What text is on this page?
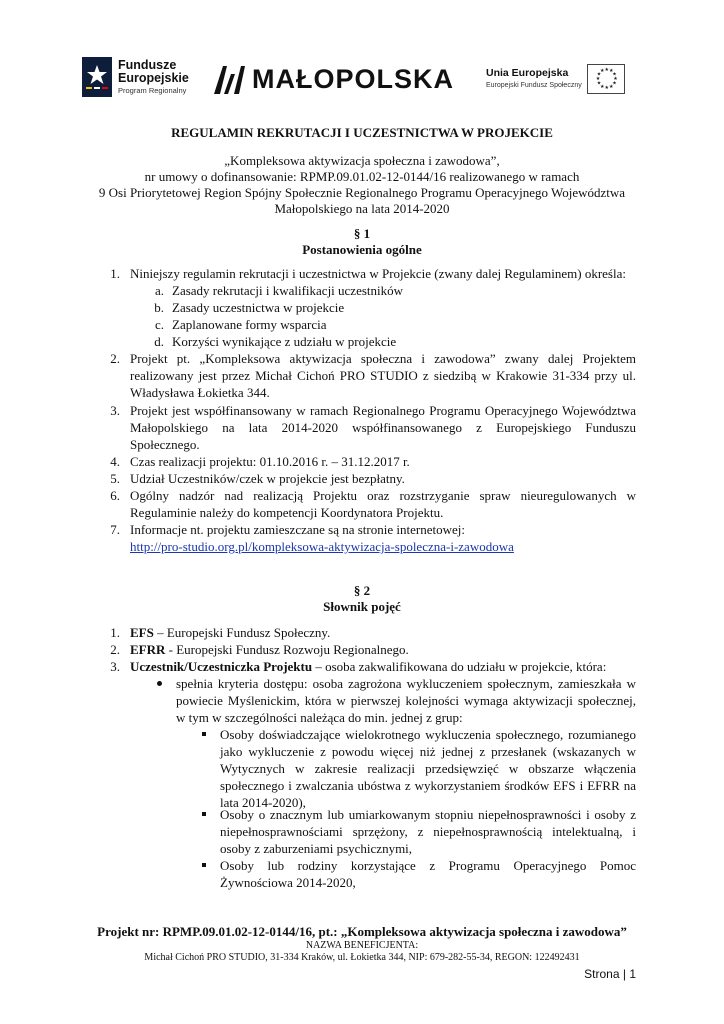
Fundusze
Europejskie
Program Regionalny MAŁOPOLSKA	Unia Europejska
Europejski Fundusz Społeczny
★ ★
★
★
★
★
★
★
★
★
★
★
REGULAMIN REKRUTACJI I UCZESTNICTWA W PROJEKCIE
„Kompleksowa aktywizacja społeczna i zawodowa”,
nr umowy o dofinansowanie: RPMP.09.01.02-12-0144/16 realizowanego w ramach
9 Osi Priorytetowej Region Spójny Społecznie Regionalnego Programu Operacyjnego Województwa
Małopolskiego na lata 2014-2020
§ 1
Postanowienia ogólne
1. Niniejszy regulamin rekrutacji i uczestnictwa w Projekcie (zwany dalej Regulaminem) określa:
a. Zasady rekrutacji i kwalifikacji uczestników
b. Zasady uczestnictwa w projekcie
c. Zaplanowane formy wsparcia
d. Korzyści wynikające z udziału w projekcie
2. Projekt pt. „Kompleksowa aktywizacja społeczna i zawodowa” zwany dalej Projektem
realizowany jest przez Michał Cichoń PRO STUDIO z siedzibą w Krakowie 31-334 przy ul.
Władysława Łokietka 344.
3. Projekt jest współfinansowany w ramach Regionalnego Programu Operacyjnego Województwa
Małopolskiego na lata 2014-2020 współfinansowanego z Europejskiego Funduszu
Społecznego.
4. Czas realizacji projektu: 01.10.2016 r. – 31.12.2017 r.
5. Udział Uczestników/czek w projekcie jest bezpłatny.
6. Ogólny nadzór nad realizacją Projektu oraz rozstrzyganie spraw nieuregulowanych w
Regulaminie należy do kompetencji Koordynatora Projektu.
7. Informacje nt. projektu zamieszczane są na stronie internetowej:
http://pro-studio.org.pl/kompleksowa-aktywizacja-spoleczna-i-zawodowa
§ 2
Słownik pojęć
1. EFS – Europejski Fundusz Społeczny.
2. EFRR - Europejski Fundusz Rozwoju Regionalnego.
3. Uczestnik/Uczestniczka Projektu – osoba zakwalifikowana do udziału w projekcie, która:
spełnia kryteria dostępu: osoba zagrożona wykluczeniem społecznym, zamieszkała w
powiecie Myślenickim, która w pierwszej kolejności wymaga aktywizacji społecznej,
w tym w szczególności należąca do min. jednej z grup:
Osoby doświadczające wielokrotnego wykluczenia społecznego, rozumianego
jako wykluczenie z powodu więcej niż jednej z przesłanek (wskazanych w
Wytycznych w zakresie realizacji przedsięwzięć w obszarze włączenia
społecznego i zwalczania ubóstwa z wykorzystaniem środków EFS i EFRR na
lata 2014-2020),
Osoby o znacznym lub umiarkowanym stopniu niepełnosprawności i osoby z
niepełnosprawnościami sprzężony, z niepełnosprawnością intelektualną, i
osoby z zaburzeniami psychicznymi,
Osoby lub rodziny korzystające z Programu Operacyjnego Pomoc
Żywnościowa 2014-2020,
Projekt nr: RPMP.09.01.02-12-0144/16, pt.: „Kompleksowa aktywizacja społeczna i zawodowa”
NAZWA BENEFICJENTA:
Michał Cichoń PRO STUDIO, 31-334 Kraków, ul. Łokietka 344, NIP: 679-282-55-34, REGON: 122492431
Strona | 1
